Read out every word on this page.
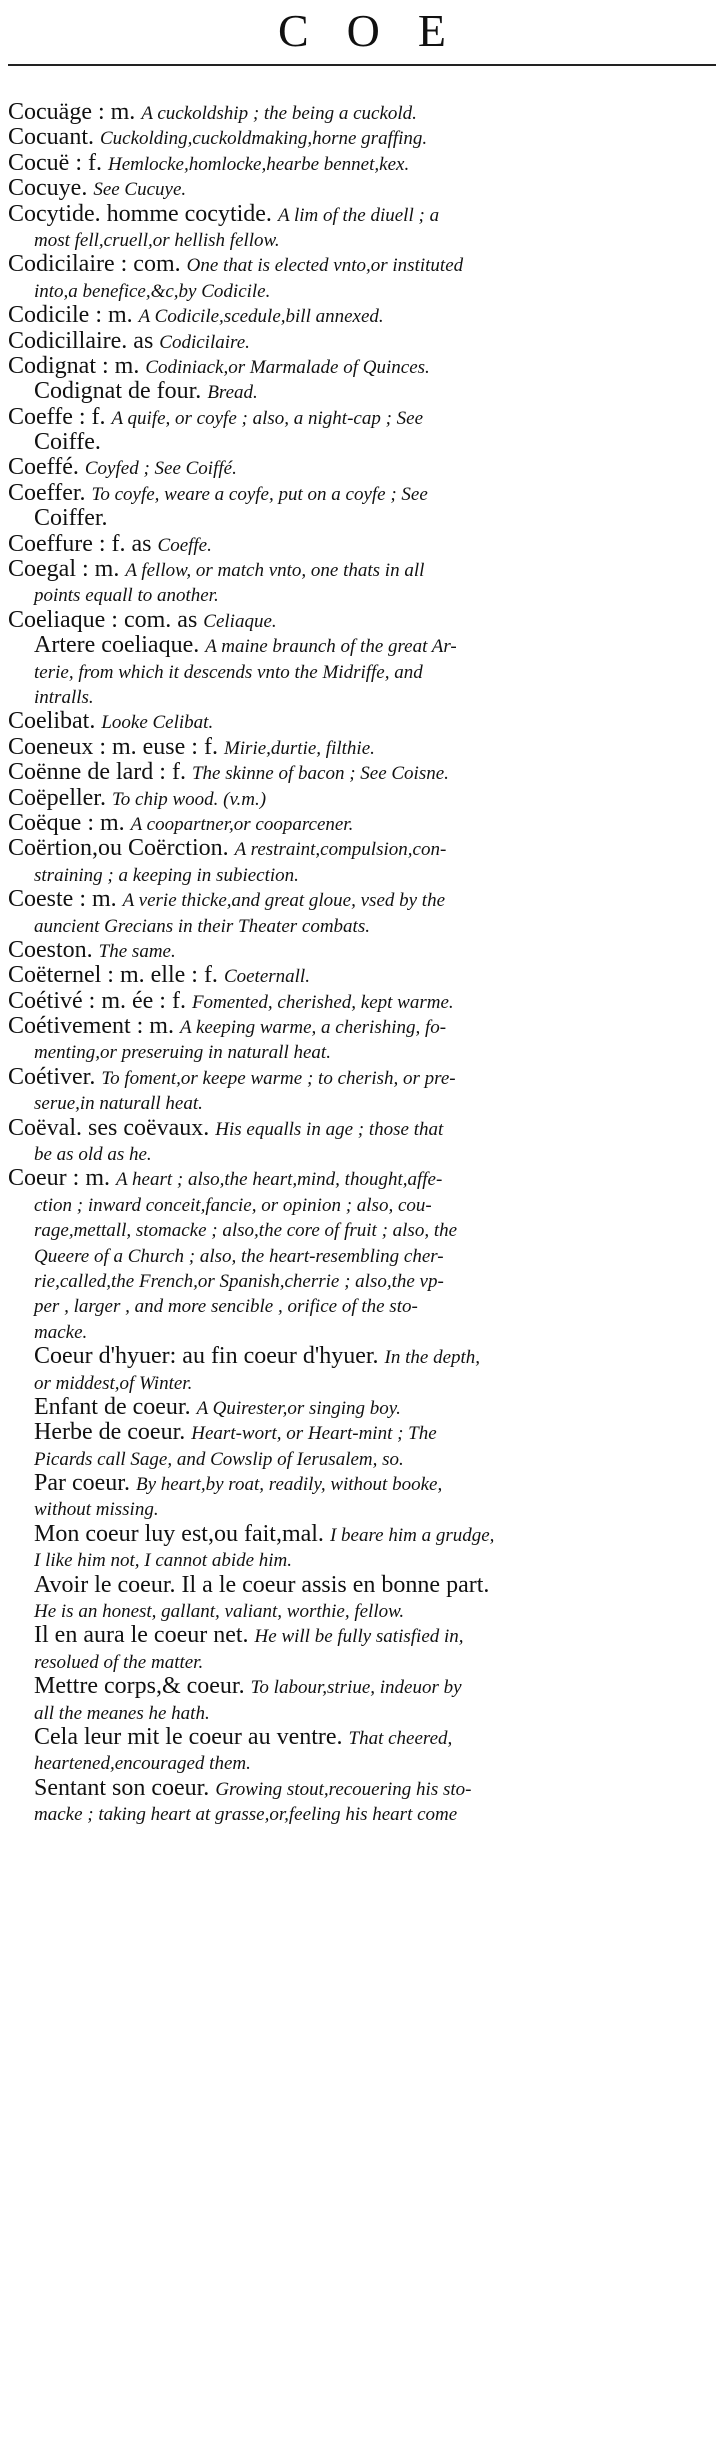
COE
Cocuäge : m. A cuckoldship ; the being a cuckold.
Cocuant. Cuckolding,cuckoldmaking,horne graffing.
Cocuë : f. Hemlocke,homlocke,hearbe bennet,kex.
Cocuye. See Cucuye.
Cocytide. homme cocytide. A lim of the diuell ; a
most fell,cruell,or hellish fellow.
Codicilaire : com. One that is elected vnto,or instituted
into,a benefice,&c,by Codicile.
Codicile : m. A Codicile,scedule,bill annexed.
Codicillaire. as Codicilaire.
Codignat : m. Codiniack,or Marmalade of Quinces.
Codignat de four. Bread.
Coeffe : f. A quife, or coyfe ; also, a night-cap ; See
Coiffe.
Coeffé. Coyfed ; See Coiffé.
Coeffer. To coyfe, weare a coyfe, put on a coyfe ; See
Coiffer.
Coeffure : f. as Coeffe.
Coegal : m. A fellow, or match vnto, one thats in all
points equall to another.
Coeliaque : com. as Celiaque.
Artere coeliaque. A maine braunch of the great Ar-
terie, from which it descends vnto the Midriffe, and
intralls.
Coelibat. Looke Celibat.
Coeneux : m. euse : f. Mirie,durtie, filthie.
Coënne de lard : f. The skinne of bacon ; See Coisne.
Coëpeller. To chip wood. (v.m.)
Coëque : m. A coopartner,or cooparcener.
Coërtion,ou Coërction. A restraint,compulsion,con-
straining ; a keeping in subiection.
Coeste : m. A verie thicke,and great gloue, vsed by the
auncient Grecians in their Theater combats.
Coeston. The same.
Coëternel : m. elle : f. Coeternall.
Coétivé : m. ée : f. Fomented, cherished, kept warme.
Coétivement : m. A keeping warme, a cherishing, fo-
menting,or preseruing in naturall heat.
Coétiver. To foment,or keepe warme ; to cherish, or pre-
serue,in naturall heat.
Coëval. ses coëvaux. His equalls in age ; those that
be as old as he.
Coeur : m. A heart ; also,the heart,mind, thought,affe-
ction ; inward conceit,fancie, or opinion ; also, cou-
rage,mettall, stomacke ; also,the core of fruit ; also, the
Queere of a Church ; also, the heart-resembling cher-
rie,called,the French,or Spanish,cherrie ; also,the vp-
per , larger , and more sencible , orifice of the sto-
macke.
Coeur d'hyuer: au fin coeur d'hyuer. In the depth,
or middest,of Winter.
Enfant de coeur. A Quirester,or singing boy.
Herbe de coeur. Heart-wort, or Heart-mint ; The
Picards call Sage, and Cowslip of Ierusalem, so.
Par coeur. By heart,by roat, readily, without booke,
without missing.
Mon coeur luy est,ou fait,mal. I beare him a grudge,
I like him not, I cannot abide him.
Avoir le coeur. Il a le coeur assis en bonne part.
He is an honest, gallant, valiant, worthie, fellow.
Il en aura le coeur net. He will be fully satisfied in,
resolued of the matter.
Mettre corps,& coeur. To labour,striue, indeuor by
all the meanes he hath.
Cela leur mit le coeur au ventre. That cheered,
heartened,encouraged them.
Sentant son coeur. Growing stout,recouering his sto-
macke ; taking heart at grasse,or,feeling his heart come
